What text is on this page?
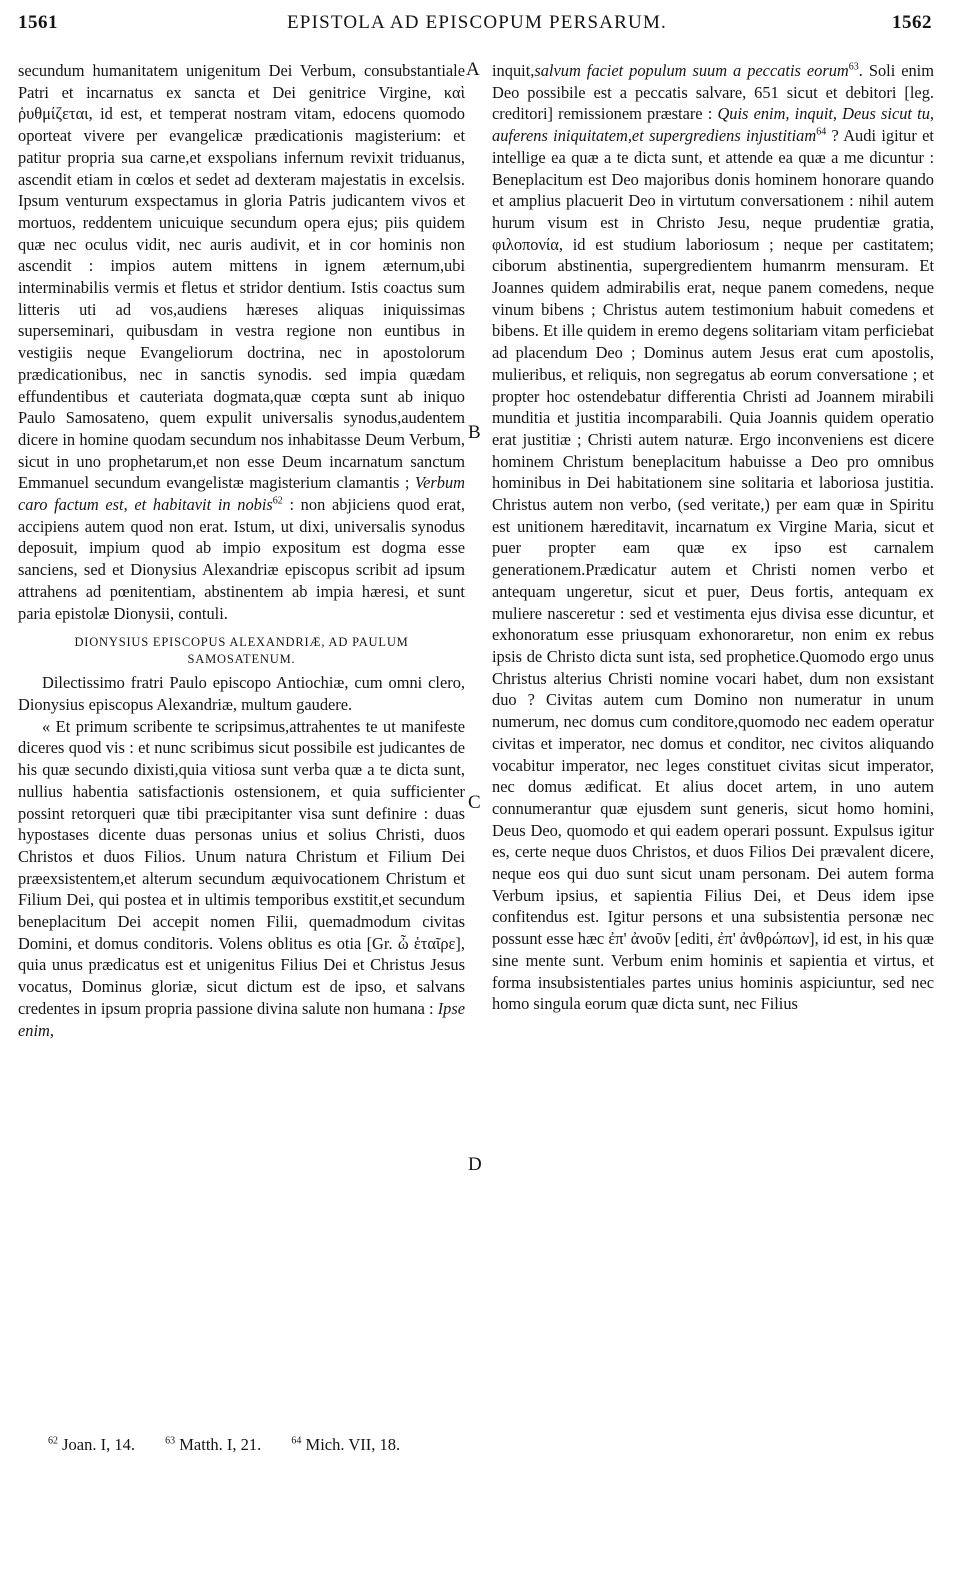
1561	EPISTOLA AD EPISCOPUM PERSARUM.	1562
A
B
C
D

secundum humanitatem unigenitum Dei Verbum, consubstantiale Patri et incarnatus ex sancta et Dei genitrice Virgine, καὶ ῥυθμίζεται, id est, et temperat nostram vitam, edocens quomodo oporteat vivere per evangelicæ prædicationis magisterium: et patitur propria sua carne,et exspolians infernum revixit triduanus, ascendit etiam in cœlos et sedet ad dexteram majestatis in excelsis. Ipsum venturum exspectamus in gloria Patris judicantem vivos et mortuos, reddentem unicuique secundum opera ejus; piis quidem quæ nec oculus vidit, nec auris audivit, et in cor hominis non ascendit : impios autem mittens in ignem æternum,ubi interminabilis vermis et fletus et stridor dentium. Istis coactus sum litteris uti ad vos,audiens hæreses aliquas iniquissimas superseminari, quibusdam in vestra regione non euntibus in vestigiis neque Evangeliorum doctrina, nec in apostolorum prædicationibus, nec in sanctis synodis. sed impia quædam effundentibus et cauteriata dogmata,quæ cœpta sunt ab iniquo Paulo Samosateno, quem expulit universalis synodus,audentem dicere in homine quodam secundum nos inhabitasse Deum Verbum, sicut in uno prophetarum,et non esse Deum incarnatum sanctum Emmanuel secundum evangelistæ magisterium clamantis ; Verbum caro factum est, et habitavit in nobis$^{62}$ : non abjiciens quod erat, accipiens autem quod non erat. Istum, ut dixi, universalis synodus deposuit, impium quod ab impio expositum est dogma esse sanciens, sed et Dionysius Alexandriæ episcopus scribit ad ipsum attrahens ad pœnitentiam, abstinentem ab impia hæresi, et sunt paria epistolæ Dionysii, contuli.

DIONYSIUS EPISCOPUS ALEXANDRIÆ, AD PAULUM SAMOSATENUM.

Dilectissimo fratri Paulo episcopo Antiochiæ, cum omni clero, Dionysius episcopus Alexandriæ, multum gaudere.

« Et primum scribente te scripsimus,attrahentes te ut manifeste diceres quod vis : et nunc scribimus sicut possibile est judicantes de his quæ secundo dixisti,quia vitiosa sunt verba quæ a te dicta sunt, nullius habentia satisfactionis ostensionem, et quia sufficienter possint retorqueri quæ tibi præcipitanter visa sunt definire : duas hypostases dicente duas personas unius et solius Christi, duos Christos et duos Filios. Unum natura Christum et Filium Dei præexsistentem,et alterum secundum æquivocationem Christum et Filium Dei, qui postea et in ultimis temporibus exstitit,et secundum beneplacitum Dei accepit nomen Filii, quemadmodum civitas Domini, et domus conditoris. Volens oblitus es otia [Gr. ὦ ἑταῖρε], quia unus prædicatus est et unigenitus Filius Dei et Christus Jesus vocatus, Dominus gloriæ, sicut dictum est de ipso, et salvans credentes in ipsum propria passione divina salute non humana : Ipse enim,

inquit,salvum faciet populum suum a peccatis eorum$^{63}$. Soli enim Deo possibile est a peccatis salvare, 651 sicut et debitori [leg. creditori] remissionem præstare : Quis enim, inquit, Deus sicut tu, auferens iniquitatem,et supergrediens injustitiam$^{64}$ ? Audi igitur et intellige ea quæ a te dicta sunt, et attende ea quæ a me dicuntur : Beneplacitum est Deo majoribus donis hominem honorare quando et amplius placuerit Deo in virtutum conversationem : nihil autem hurum visum est in Christo Jesu, neque prudentiæ gratia, φιλοπονία, id est studium laboriosum ; neque per castitatem; ciborum abstinentia, supergredientem humanrm mensuram. Et Joannes quidem admirabilis erat, neque panem comedens, neque vinum bibens ; Christus autem testimonium habuit comedens et bibens. Et ille quidem in eremo degens solitariam vitam perficiebat ad placendum Deo ; Dominus autem Jesus erat cum apostolis, mulieribus, et reliquis, non segregatus ab eorum conversatione ; et propter hoc ostendebatur differentia Christi ad Joannem mirabili munditia et justitia incomparabili. Quia Joannis quidem operatio erat justitiæ ; Christi autem naturæ. Ergo inconveniens est dicere hominem Christum beneplacitum habuisse a Deo pro omnibus hominibus in Dei habitationem sine solitaria et laboriosa justitia. Christus autem non verbo, (sed veritate,) per eam quæ in Spiritu est unitionem hæreditavit, incarnatum ex Virgine Maria, sicut et puer propter eam quæ ex ipso est carnalem generationem.Prædicatur autem et Christi nomen verbo et antequam ungeretur, sicut et puer, Deus fortis, antequam ex muliere nasceretur : sed et vestimenta ejus divisa esse dicuntur, et exhonoratum esse priusquam exhonoraretur, non enim ex rebus ipsis de Christo dicta sunt ista, sed prophetice.Quomodo ergo unus Christus alterius Christi nomine vocari habet, dum non exsistant duo ? Civitas autem cum Domino non numeratur in unum numerum, nec domus cum conditore,quomodo nec eadem operatur civitas et imperator, nec domus et conditor, nec civitos aliquando vocabitur imperator, nec leges constituet civitas sicut imperator, nec domus ædificat. Et alius docet artem, in uno autem connumerantur quæ ejusdem sunt generis, sicut homo homini, Deus Deo, quomodo et qui eadem operari possunt. Expulsus igitur es, certe neque duos Christos, et duos Filios Dei prævalent dicere, neque eos qui duo sunt sicut unam personam. Dei autem forma Verbum ipsius, et sapientia Filius Dei, et Deus idem ipse confitendus est. Igitur persons et una subsistentia personæ nec possunt esse hæc ἐπ' ἀνοῦν [editi, ἐπ' ἀνθρώπων], id est, in his quæ sine mente sunt. Verbum enim hominis et sapientia et virtus, et forma insubsistentiales partes unius hominis aspiciuntur, sed nec homo singula eorum quæ dicta sunt, nec Filius

$^{62}$ Joan. I, 14.	$^{63}$ Matth. I, 21.	$^{64}$ Mich. VII, 18.
